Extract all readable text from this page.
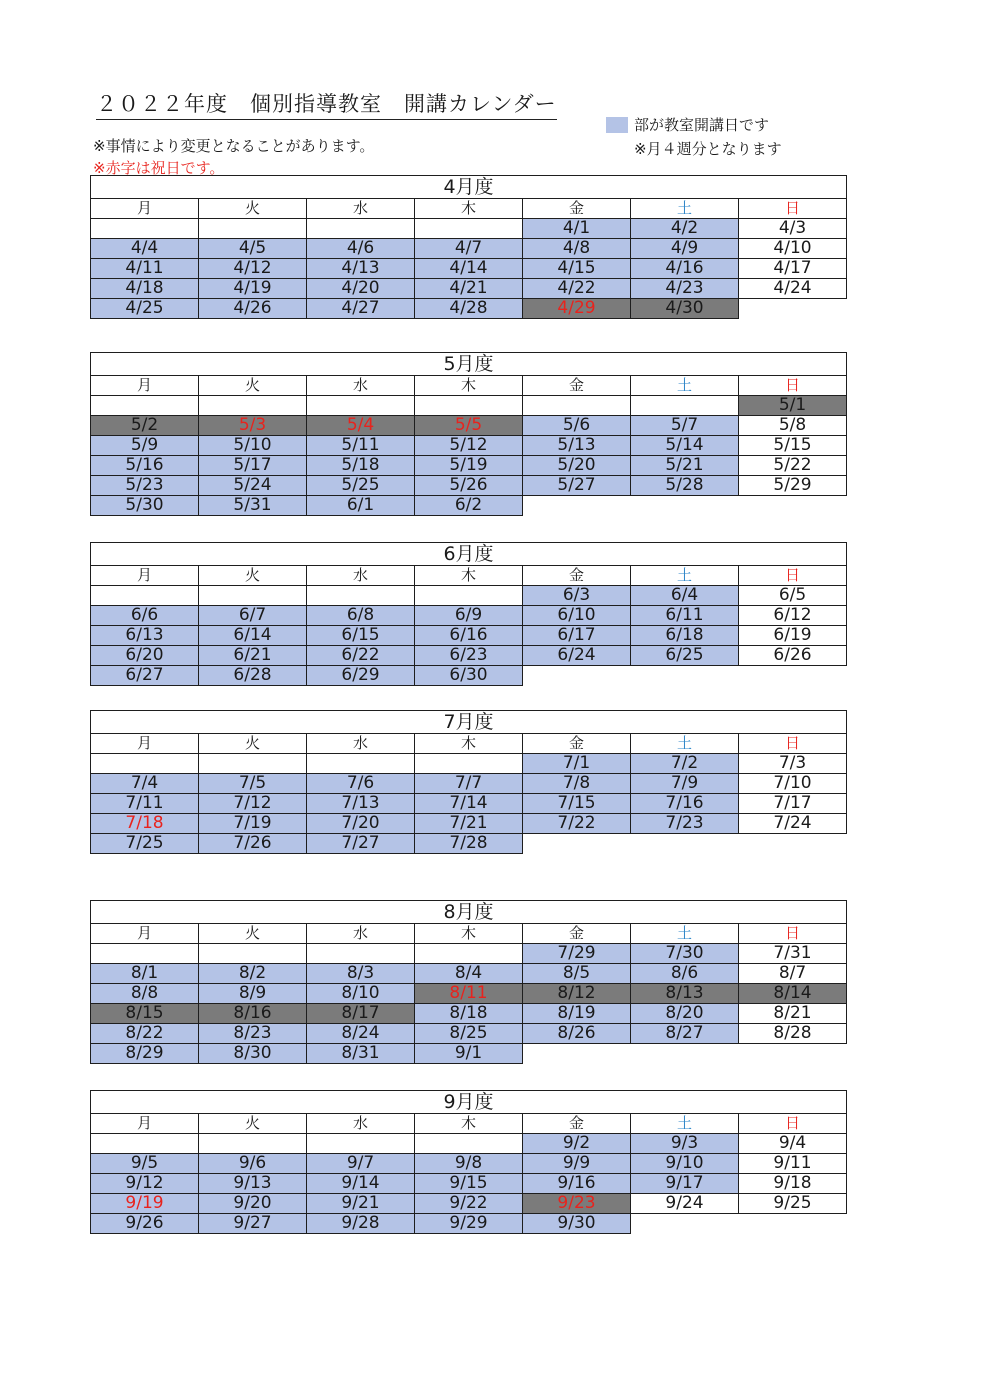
２０２２年度　個別指導教室　開講カレンダー
※事情により変更となることがあります。
※赤字は祝日です。
部が教室開講日です
※月４週分となります
4月度						
月	火	水	木	金	土	日
				4/1	4/2	4/3
4/4	4/5	4/6	4/7	4/8	4/9	4/10
4/11	4/12	4/13	4/14	4/15	4/16	4/17
4/18	4/19	4/20	4/21	4/22	4/23	4/24
4/25	4/26	4/27	4/28	4/29	4/30	
5月度						
月	火	水	木	金	土	日
						5/1
5/2	5/3	5/4	5/5	5/6	5/7	5/8
5/9	5/10	5/11	5/12	5/13	5/14	5/15
5/16	5/17	5/18	5/19	5/20	5/21	5/22
5/23	5/24	5/25	5/26	5/27	5/28	5/29
5/30	5/31	6/1	6/2			
6月度						
月	火	水	木	金	土	日
				6/3	6/4	6/5
6/6	6/7	6/8	6/9	6/10	6/11	6/12
6/13	6/14	6/15	6/16	6/17	6/18	6/19
6/20	6/21	6/22	6/23	6/24	6/25	6/26
6/27	6/28	6/29	6/30			
7月度						
月	火	水	木	金	土	日
				7/1	7/2	7/3
7/4	7/5	7/6	7/7	7/8	7/9	7/10
7/11	7/12	7/13	7/14	7/15	7/16	7/17
7/18	7/19	7/20	7/21	7/22	7/23	7/24
7/25	7/26	7/27	7/28			
8月度						
月	火	水	木	金	土	日
				7/29	7/30	7/31
8/1	8/2	8/3	8/4	8/5	8/6	8/7
8/8	8/9	8/10	8/11	8/12	8/13	8/14
8/15	8/16	8/17	8/18	8/19	8/20	8/21
8/22	8/23	8/24	8/25	8/26	8/27	8/28
8/29	8/30	8/31	9/1			
9月度						
月	火	水	木	金	土	日
				9/2	9/3	9/4
9/5	9/6	9/7	9/8	9/9	9/10	9/11
9/12	9/13	9/14	9/15	9/16	9/17	9/18
9/19	9/20	9/21	9/22	9/23	9/24	9/25
9/26	9/27	9/28	9/29	9/30		
